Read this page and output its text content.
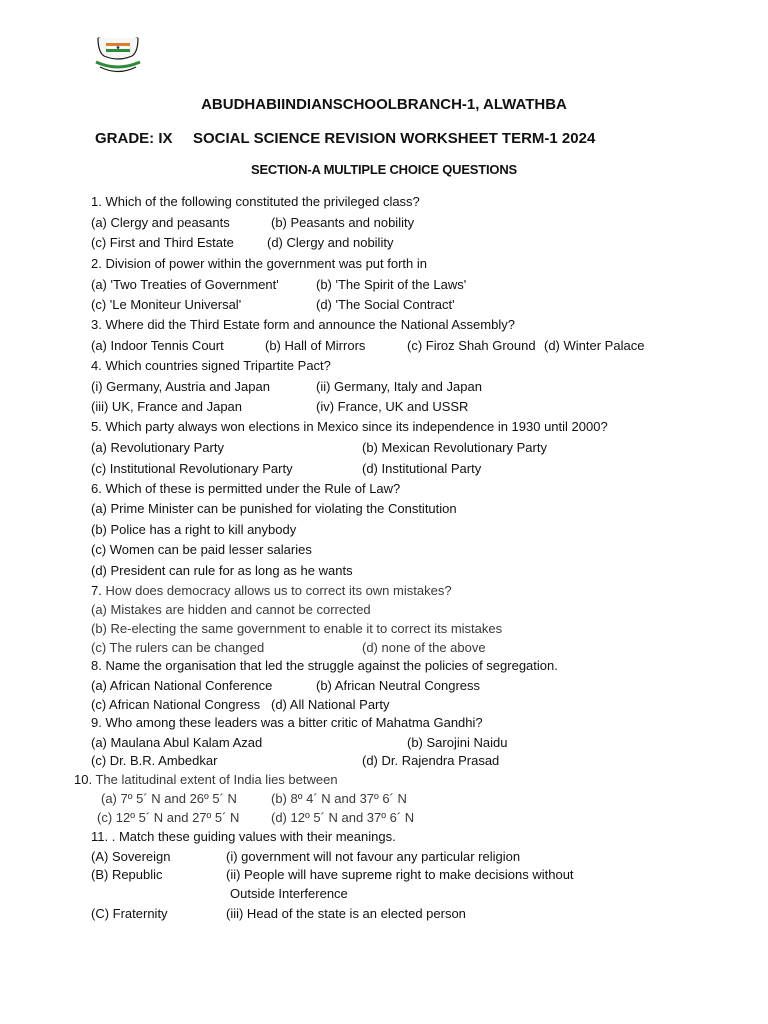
ABUDHABIINDIANSCHOOLBRANCH-1, ALWATHBA
GRADE: IX SOCIAL SCIENCE REVISION WORKSHEET TERM-1 2024
SECTION-A MULTIPLE CHOICE QUESTIONS
1. Which of the following constituted the privileged class?
(a) Clergy and peasants	(b) Peasants and nobility
(c) First and Third Estate	(d) Clergy and nobility
2. Division of power within the government was put forth in
(a) 'Two Treaties of Government'	(b) 'The Spirit of the Laws'
(c) 'Le Moniteur Universal'	(d) 'The Social Contract'
3. Where did the Third Estate form and announce the National Assembly?
(a) Indoor Tennis Court	(b) Hall of Mirrors	(c) Firoz Shah Ground (d) Winter Palace
4. Which countries signed Tripartite Pact?
(i) Germany, Austria and Japan	(ii) Germany, Italy and Japan
(iii) UK, France and Japan	(iv) France, UK and USSR
5. Which party always won elections in Mexico since its independence in 1930 until 2000?
(a) Revolutionary Party	(b) Mexican Revolutionary Party
(c) Institutional Revolutionary Party	(d) Institutional Party
6. Which of these is permitted under the Rule of Law?
(a) Prime Minister can be punished for violating the Constitution
(b) Police has a right to kill anybody
(c) Women can be paid lesser salaries
(d) President can rule for as long as he wants
7. How does democracy allows us to correct its own mistakes?
(a) Mistakes are hidden and cannot be corrected
(b) Re-electing the same government to enable it to correct its mistakes
(c) The rulers can be changed	(d) none of the above
8. Name the organisation that led the struggle against the policies of segregation.
(a) African National Conference	(b) African Neutral Congress
(c) African National Congress (d) All National Party
9. Who among these leaders was a bitter critic of Mahatma Gandhi?
(a) Maulana Abul Kalam Azad	(b) Sarojini Naidu
(c) Dr. B.R. Ambedkar	(d) Dr. Rajendra Prasad
10. The latitudinal extent of India lies between
(a) 7º 5´ N and 26º 5´ N	(b) 8º 4´ N and 37º 6´ N
(c) 12º 5´ N and 27º 5´ N (d) 12º 5´ N and 37º 6´ N
11. . Match these guiding values with their meanings.
(A) Sovereign	(i) government will not favour any particular religion
(B) Republic	(ii) People will have supreme right to make decisions without
Outside Interference
(C) Fraternity	(iii) Head of the state is an elected person
